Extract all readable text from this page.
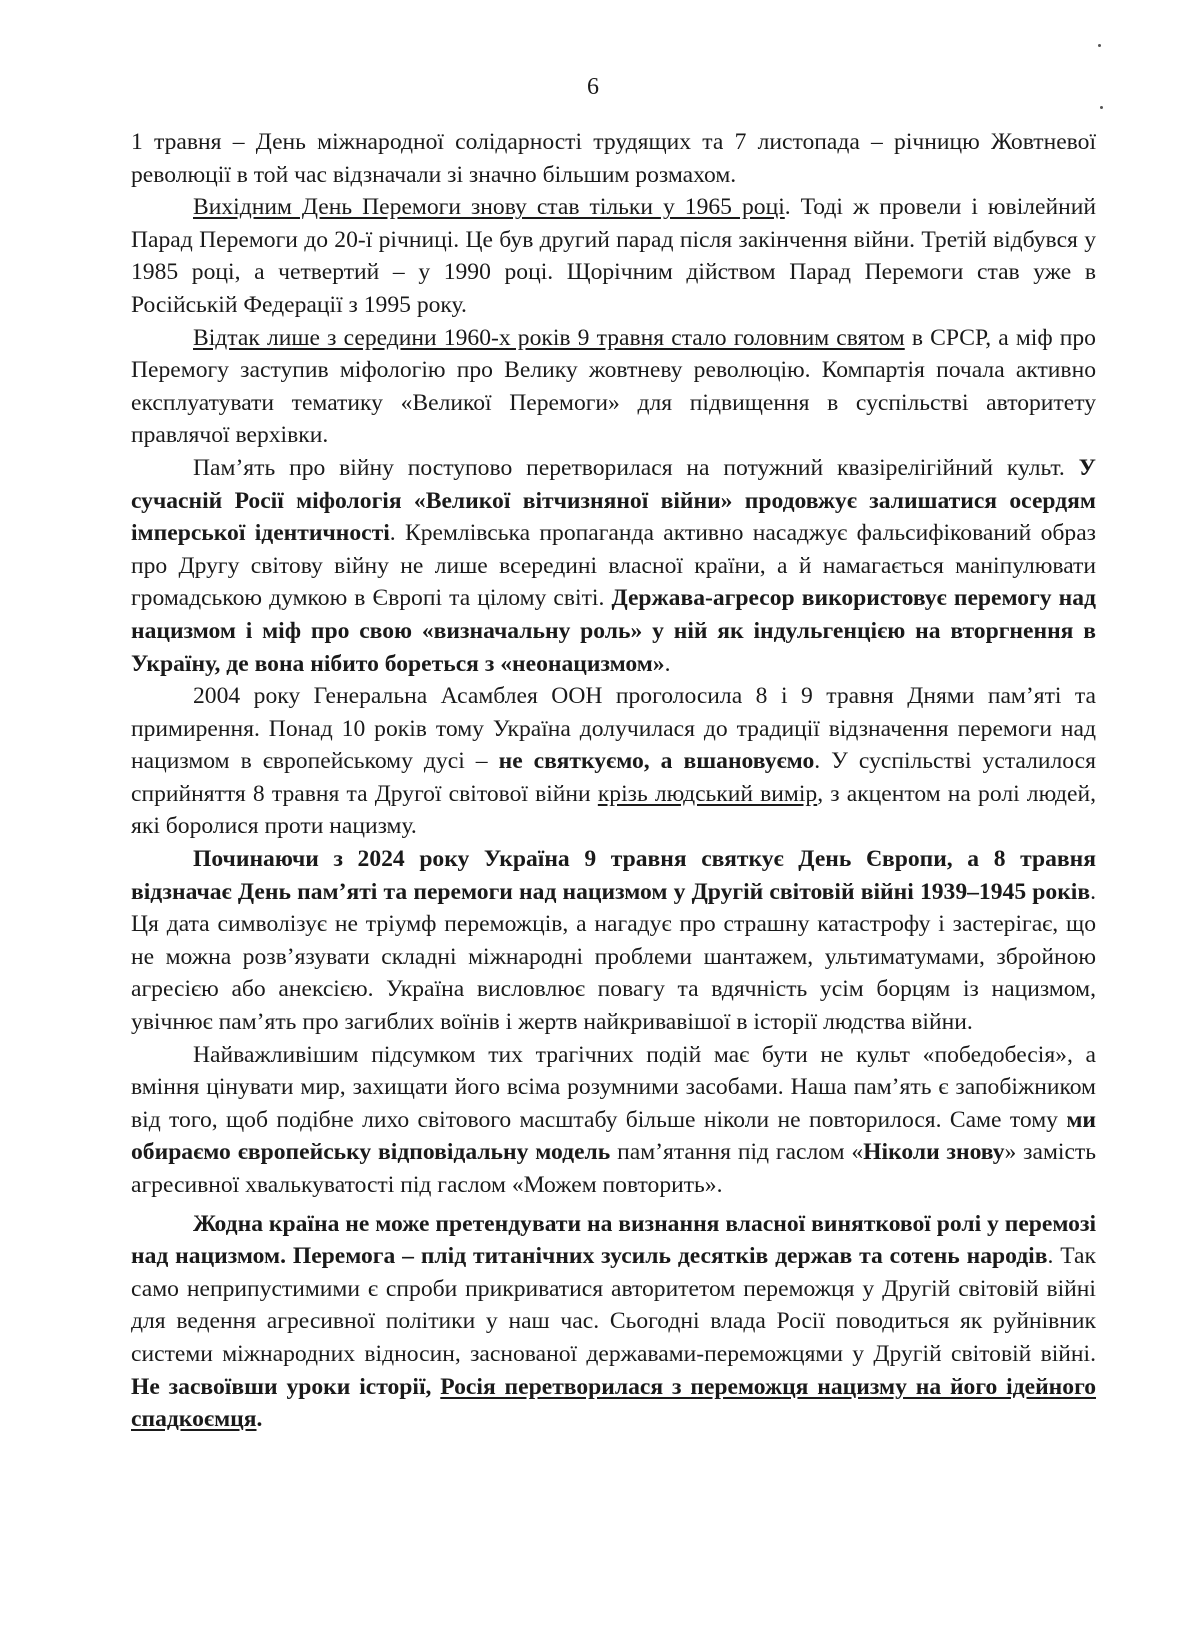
6

1 травня – День міжнародної солідарності трудящих та 7 листопада – річницю Жовтневої революції в той час відзначали зі значно більшим розмахом.

Вихідним День Перемоги знову став тільки у 1965 році. Тоді ж провели і ювілейний Парад Перемоги до 20-ї річниці. Це був другий парад після закінчення війни. Третій відбувся у 1985 році, а четвертий – у 1990 році. Щорічним дійством Парад Перемоги став уже в Російській Федерації з 1995 року.

Відтак лише з середини 1960-х років 9 травня стало головним святом в СРСР, а міф про Перемогу заступив міфологію про Велику жовтневу революцію. Компартія почала активно експлуатувати тематику «Великої Перемоги» для підвищення в суспільстві авторитету правлячої верхівки.

Пам’ять про війну поступово перетворилася на потужний квазірелігійний культ. У сучасній Росії міфологія «Великої вітчизняної війни» продовжує залишатися осердям імперської ідентичності. Кремлівська пропаганда активно насаджує фальсифікований образ про Другу світову війну не лише всередині власної країни, а й намагається маніпулювати громадською думкою в Європі та цілому світі. Держава-агресор використовує перемогу над нацизмом і міф про свою «визначальну роль» у ній як індульгенцією на вторгнення в Україну, де вона нібито бореться з «неонацизмом».

2004 року Генеральна Асамблея ООН проголосила 8 і 9 травня Днями пам’яті та примирення. Понад 10 років тому Україна долучилася до традиції відзначення перемоги над нацизмом в європейському дусі – не святкуємо, а вшановуємо. У суспільстві усталилося сприйняття 8 травня та Другої світової війни крізь людський вимір, з акцентом на ролі людей, які боролися проти нацизму.

Починаючи з 2024 року Україна 9 травня святкує День Європи, а 8 травня відзначає День пам’яті та перемоги над нацизмом у Другій світовій війні 1939–1945 років. Ця дата символізує не тріумф переможців, а нагадує про страшну катастрофу і застерігає, що не можна розв’язувати складні міжнародні проблеми шантажем, ультиматумами, збройною агресією або анексією. Україна висловлює повагу та вдячність усім борцям із нацизмом, увічнює пам’ять про загиблих воїнів і жертв найкривавішої в історії людства війни.

Найважливішим підсумком тих трагічних подій має бути не культ «победобесія», а вміння цінувати мир, захищати його всіма розумними засобами. Наша пам’ять є запобіжником від того, щоб подібне лихо світового масштабу більше ніколи не повторилося. Саме тому ми обираємо європейську відповідальну модель пам’ятання під гаслом «Ніколи знову» замість агресивної хвалькуватості під гаслом «Можем повторить».

Жодна країна не може претендувати на визнання власної виняткової ролі у перемозі над нацизмом. Перемога – плід титанічних зусиль десятків держав та сотень народів. Так само неприпустимими є спроби прикриватися авторитетом переможця у Другій світовій війні для ведення агресивної політики у наш час. Сьогодні влада Росії поводиться як руйнівник системи міжнародних відносин, заснованої державами-переможцями у Другій світовій війні. Не засвоївши уроки історії, Росія перетворилася з переможця нацизму на його ідейного спадкоємця.
